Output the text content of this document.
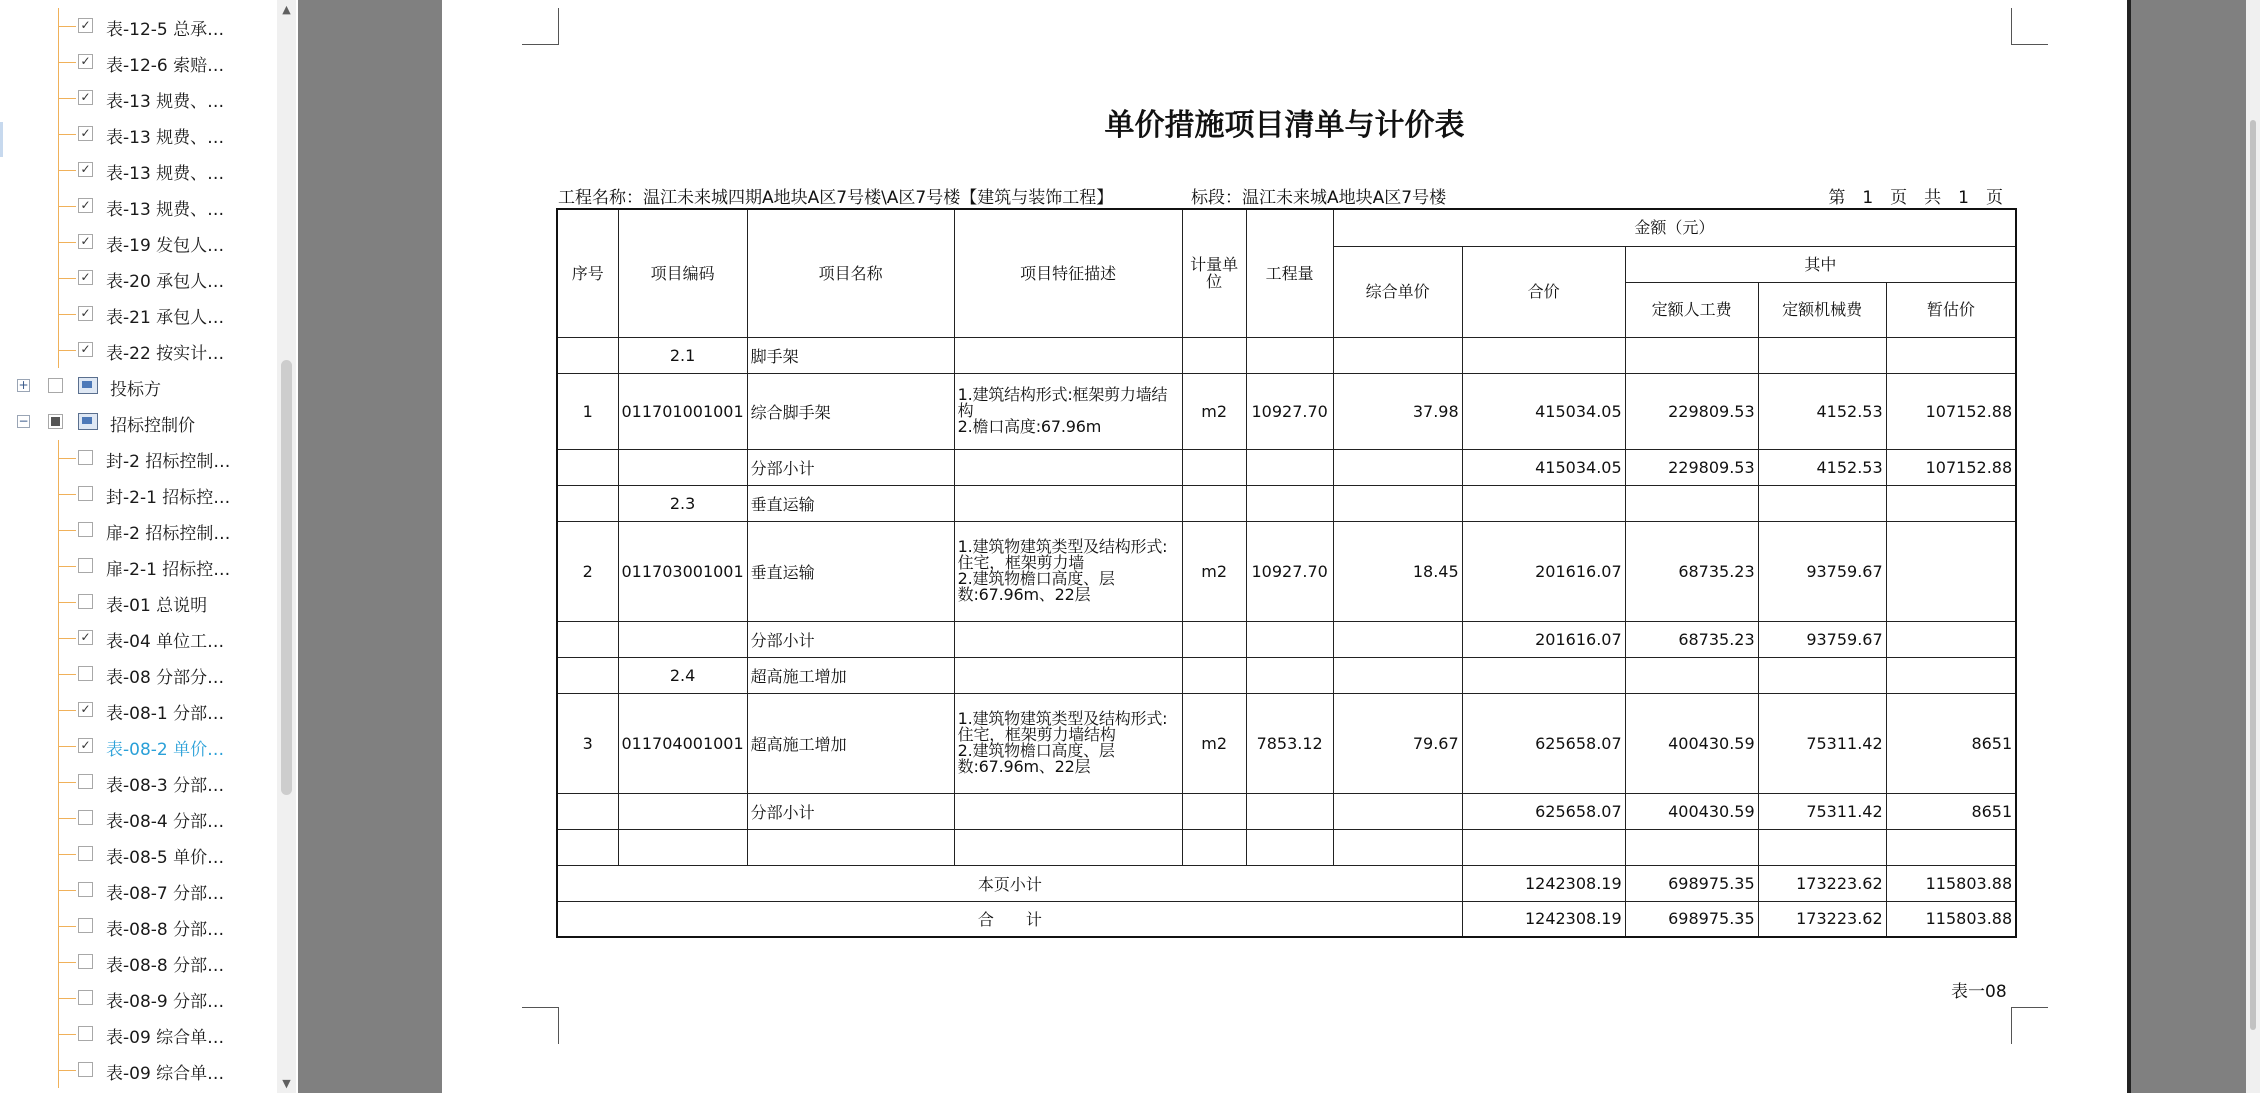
✓ 表-12-5 总承…
✓ 表-12-6 索赔…
✓ 表-13 规费、…
✓ 表-13 规费、…
✓ 表-13 规费、…
✓ 表-13 规费、…
✓ 表-19 发包人…
✓ 表-20 承包人…
✓ 表-21 承包人…
✓ 表-22 按实计…
+	投标方
−	招标控制价
封-2 招标控制…
封-2-1 招标控…
扉-2 招标控制…
扉-2-1 招标控…
表-01 总说明
✓ 表-04 单位工…
表-08 分部分…
✓ 表-08-1 分部…
✓ 表-08-2 单价…
表-08-3 分部…
表-08-4 分部…
表-08-5 单价…
表-08-7 分部…
表-08-8 分部…
表-08-8 分部…
表-08-9 分部…
表-09 综合单…
表-09 综合单…
▲
▼
单价措施项目清单与计价表
工程名称：温江未来城四期A地块A区7号楼\A区7号楼【建筑与装饰工程】	标段：温江未来城A地块A区7号楼	第　1　页　共　1　页
序号	项目编码	项目名称	项目特征描述	计量单位	工程量	金额（元）				
						综合单价	合价	其中		
								定额人工费	定额机械费	暂估价
	2.1	脚手架								
1	011701001001	综合脚手架	1.建筑结构形式:框架剪力墙结构
2.檐口高度:67.96m	m2	10927.70	37.98	415034.05	229809.53	4152.53	107152.88
		分部小计					415034.05	229809.53	4152.53	107152.88
	2.3	垂直运输								
2	011703001001	垂直运输	1.建筑物建筑类型及结构形式:住宅，框架剪力墙
2.建筑物檐口高度、层数:67.96m、22层	m2	10927.70	18.45	201616.07	68735.23	93759.67	
		分部小计					201616.07	68735.23	93759.67	
	2.4	超高施工增加								
3	011704001001	超高施工增加	1.建筑物建筑类型及结构形式:住宅，框架剪力墙结构
2.建筑物檐口高度、层数:67.96m、22层	m2	7853.12	79.67	625658.07	400430.59	75311.42	8651
		分部小计					625658.07	400430.59	75311.42	8651

本页小计							1242308.19	698975.35	173223.62	115803.88
合　　计							1242308.19	698975.35	173223.62	115803.88
表一08
